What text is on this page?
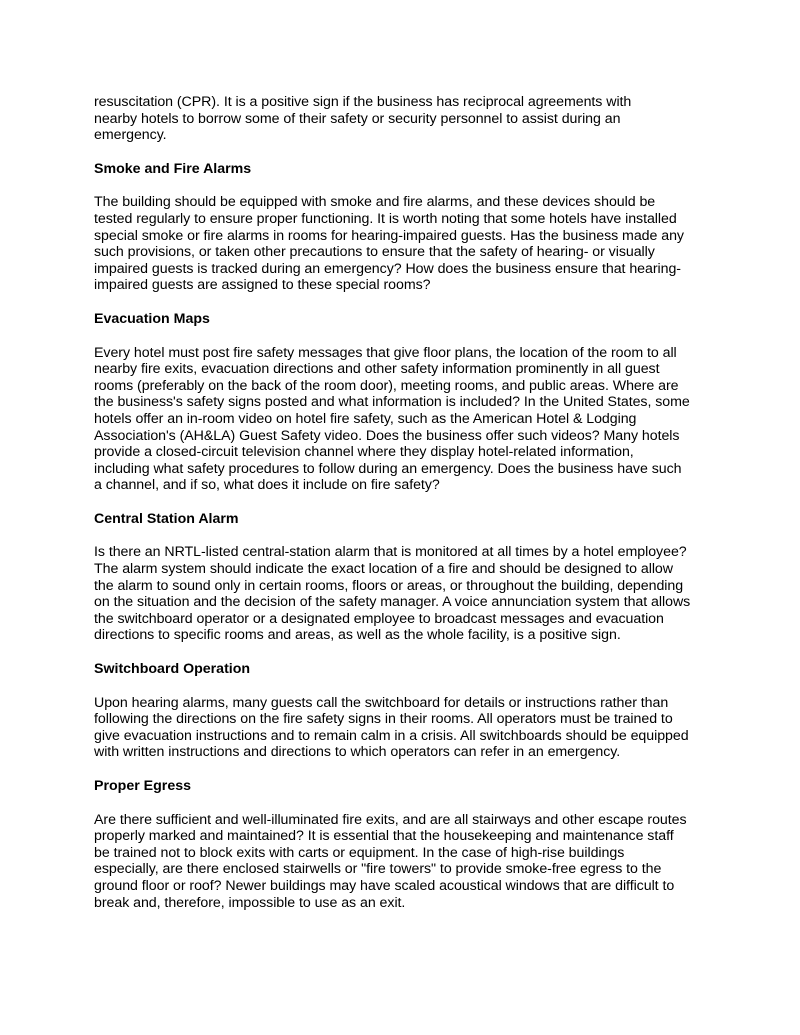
resuscitation (CPR). It is a positive sign if the business has reciprocal agreements with
nearby hotels to borrow some of their safety or security personnel to assist during an
emergency.

Smoke and Fire Alarms

The building should be equipped with smoke and fire alarms, and these devices should be
tested regularly to ensure proper functioning. It is worth noting that some hotels have installed
special smoke or fire alarms in rooms for hearing-impaired guests. Has the business made any
such provisions, or taken other precautions to ensure that the safety of hearing- or visually
impaired guests is tracked during an emergency? How does the business ensure that hearing-
impaired guests are assigned to these special rooms?

Evacuation Maps

Every hotel must post fire safety messages that give floor plans, the location of the room to all
nearby fire exits, evacuation directions and other safety information prominently in all guest
rooms (preferably on the back of the room door), meeting rooms, and public areas. Where are
the business's safety signs posted and what information is included? In the United States, some
hotels offer an in-room video on hotel fire safety, such as the American Hotel & Lodging
Association's (AH&LA) Guest Safety video. Does the business offer such videos? Many hotels
provide a closed-circuit television channel where they display hotel-related information,
including what safety procedures to follow during an emergency. Does the business have such
a channel, and if so, what does it include on fire safety?

Central Station Alarm

Is there an NRTL-listed central-station alarm that is monitored at all times by a hotel employee?
The alarm system should indicate the exact location of a fire and should be designed to allow
the alarm to sound only in certain rooms, floors or areas, or throughout the building, depending
on the situation and the decision of the safety manager. A voice annunciation system that allows
the switchboard operator or a designated employee to broadcast messages and evacuation
directions to specific rooms and areas, as well as the whole facility, is a positive sign.

Switchboard Operation

Upon hearing alarms, many guests call the switchboard for details or instructions rather than
following the directions on the fire safety signs in their rooms. All operators must be trained to
give evacuation instructions and to remain calm in a crisis. All switchboards should be equipped
with written instructions and directions to which operators can refer in an emergency.

Proper Egress

Are there sufficient and well-illuminated fire exits, and are all stairways and other escape routes
properly marked and maintained? It is essential that the housekeeping and maintenance staff
be trained not to block exits with carts or equipment. In the case of high-rise buildings
especially, are there enclosed stairwells or "fire towers" to provide smoke-free egress to the
ground floor or roof? Newer buildings may have scaled acoustical windows that are difficult to
break and, therefore, impossible to use as an exit.
